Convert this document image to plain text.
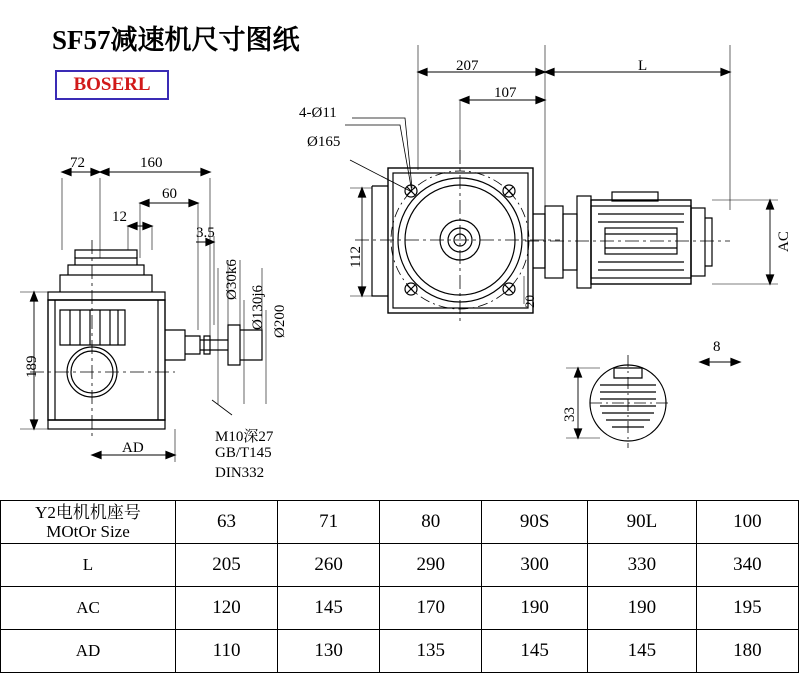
SF57减速机尺寸图纸
BOSERL
207	L
4-Ø11
107
Ø165
72	160
60
12
3.5
112
AC
Ø30k6
Ø130j6 Ø200
189
20
8
33
AD
M10深27
GB/T145
DIN332
Y2电机机座号
MOtOr Size	63	71	80	90S	90L	100
L	205	260	290	300	330	340
AC	120	145	170	190	190	195
AD	110	130	135	145	145	180
